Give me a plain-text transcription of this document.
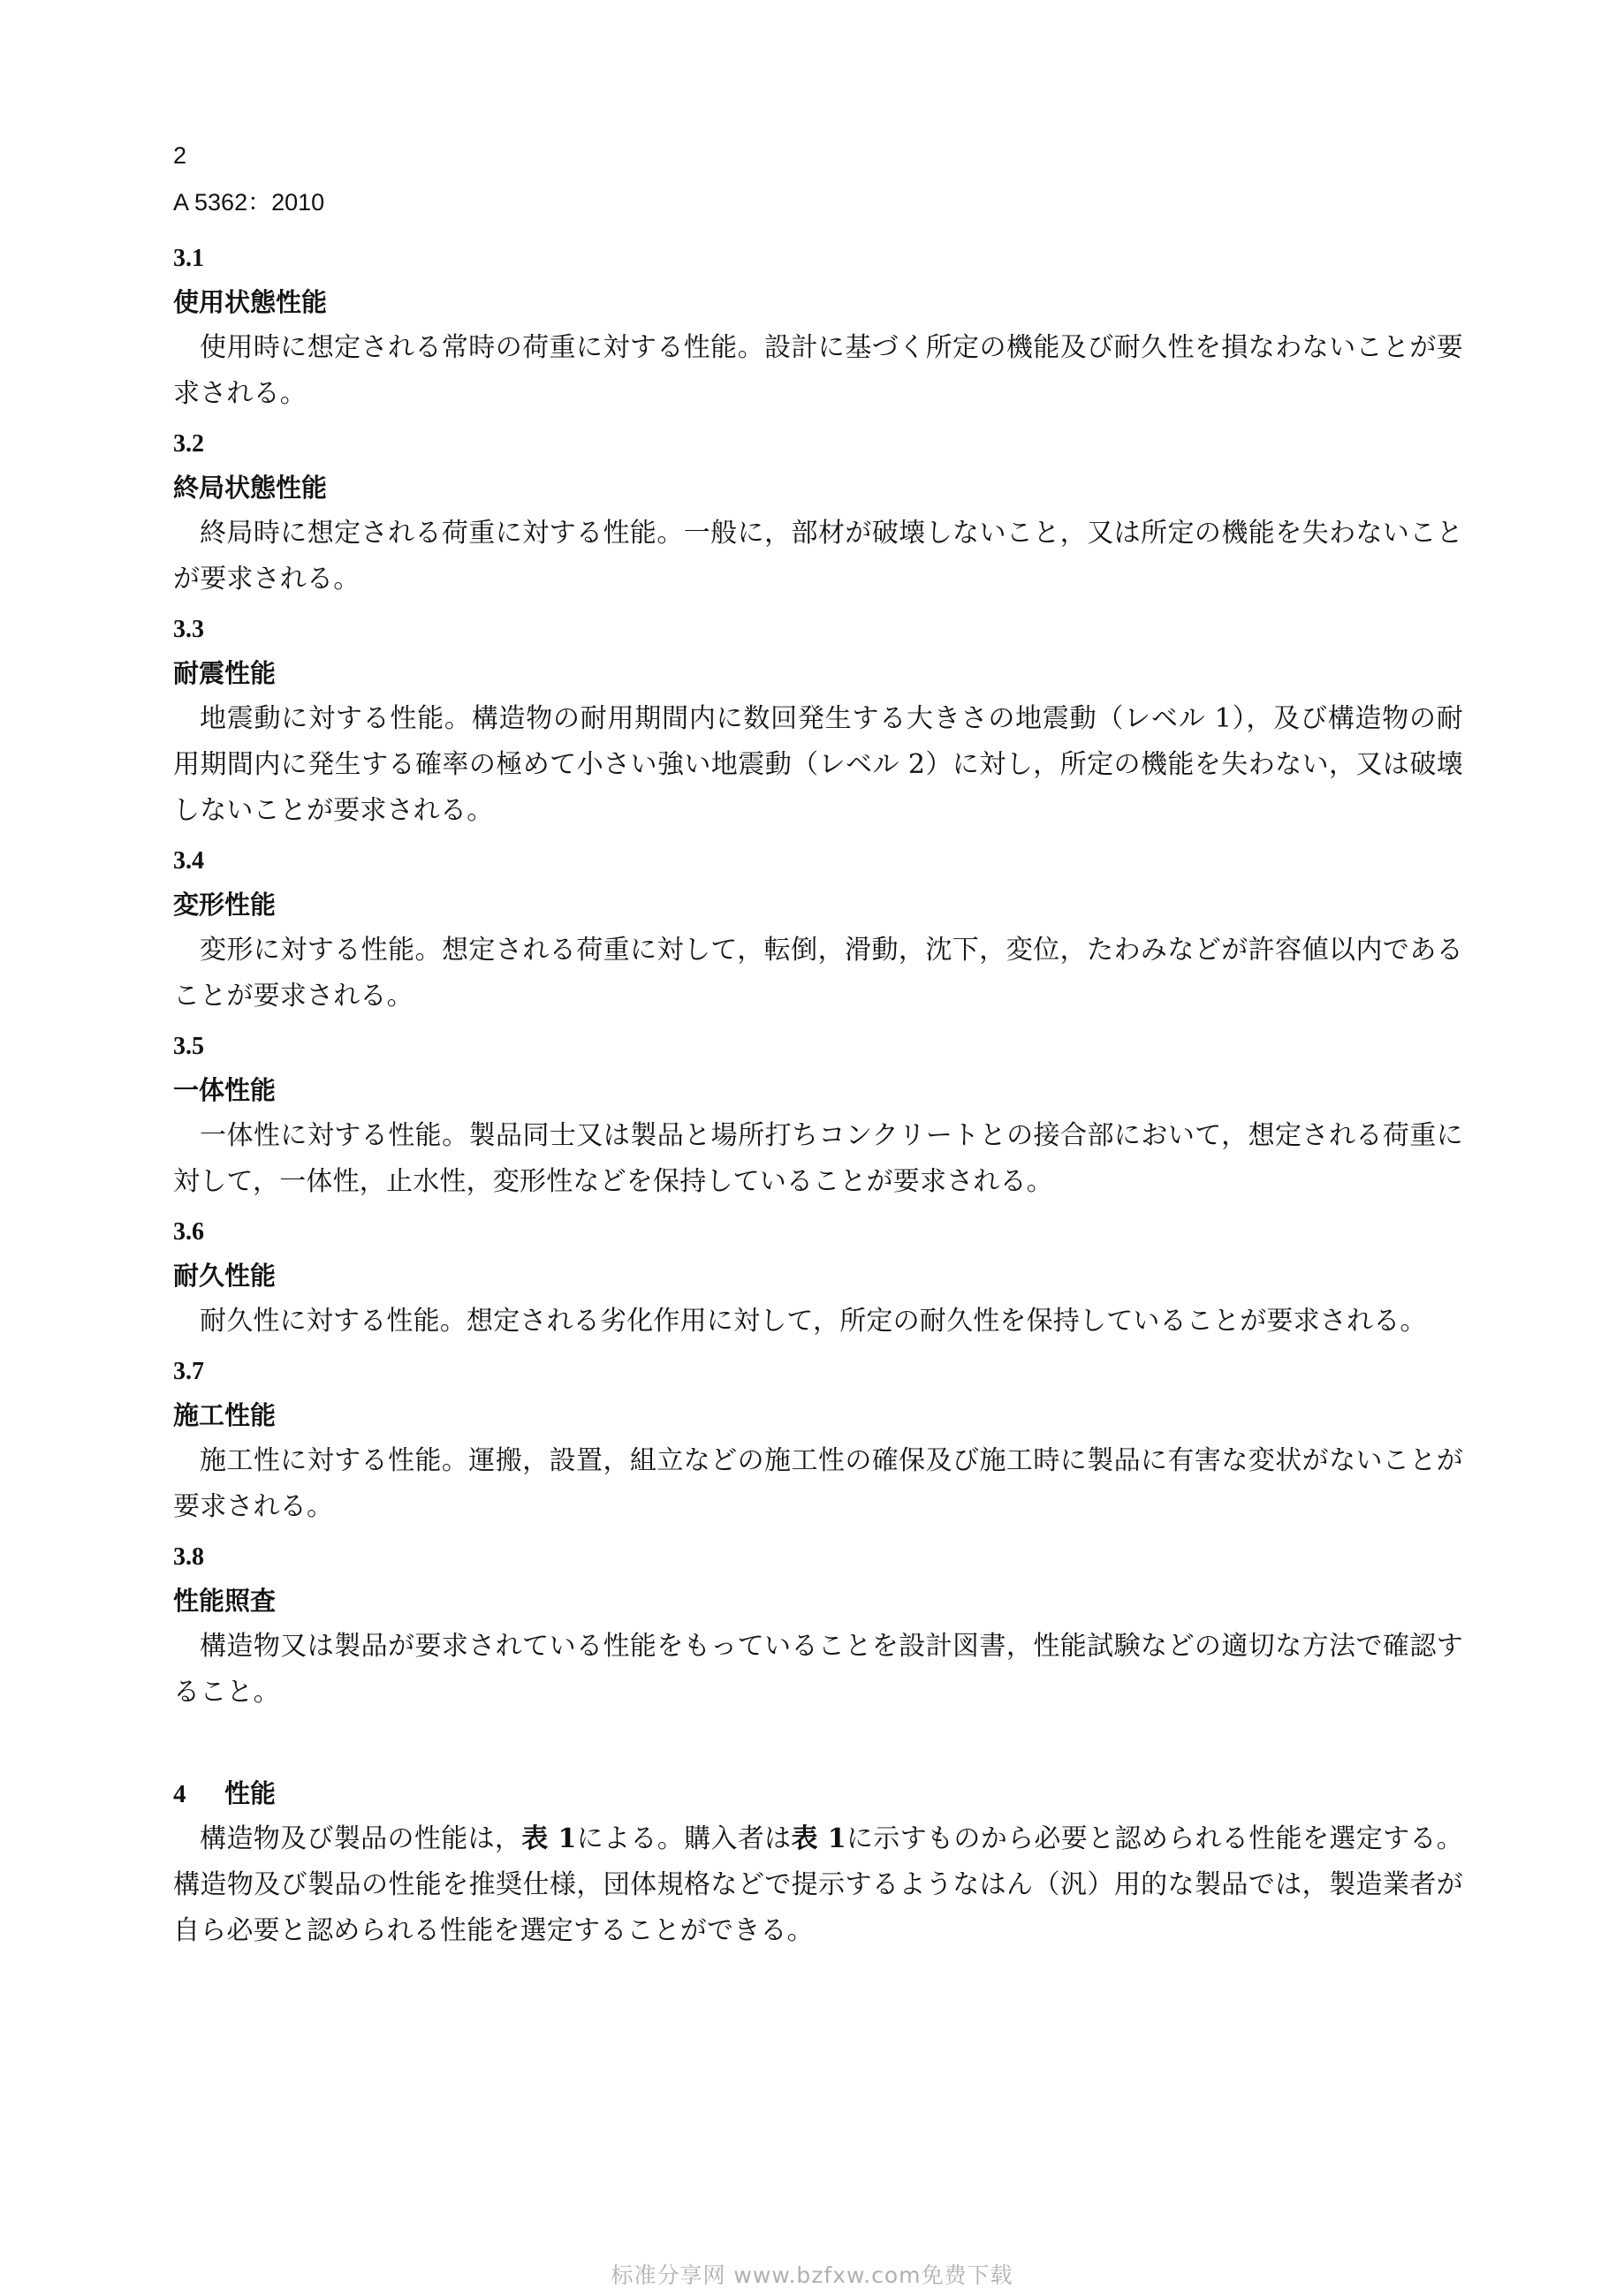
2
A 5362：2010
3.1
使用状態性能

使用時に想定される常時の荷重に対する性能。設計に基づく所定の機能及び耐久性を損なわないことが要求される。

3.2
終局状態性能

終局時に想定される荷重に対する性能。一般に，部材が破壊しないこと，又は所定の機能を失わないことが要求される。

3.3
耐震性能

地震動に対する性能。構造物の耐用期間内に数回発生する大きさの地震動（レベル 1），及び構造物の耐用期間内に発生する確率の極めて小さい強い地震動（レベル 2）に対し，所定の機能を失わない，又は破壊しないことが要求される。

3.4
変形性能

変形に対する性能。想定される荷重に対して，転倒，滑動，沈下，変位，たわみなどが許容値以内であることが要求される。

3.5
一体性能

一体性に対する性能。製品同士又は製品と場所打ちコンクリートとの接合部において，想定される荷重に対して，一体性，止水性，変形性などを保持していることが要求される。

3.6
耐久性能

耐久性に対する性能。想定される劣化作用に対して，所定の耐久性を保持していることが要求される。

3.7
施工性能

施工性に対する性能。運搬，設置，組立などの施工性の確保及び施工時に製品に有害な変状がないことが要求される。

3.8
性能照査

構造物又は製品が要求されている性能をもっていることを設計図書，性能試験などの適切な方法で確認すること。

4 性能

構造物及び製品の性能は，表 1による。購入者は表 1に示すものから必要と認められる性能を選定する。構造物及び製品の性能を推奨仕様，団体規格などで提示するようなはん（汎）用的な製品では，製造業者が自ら必要と認められる性能を選定することができる。

标准分享网 www.bzfxw.com免费下载
